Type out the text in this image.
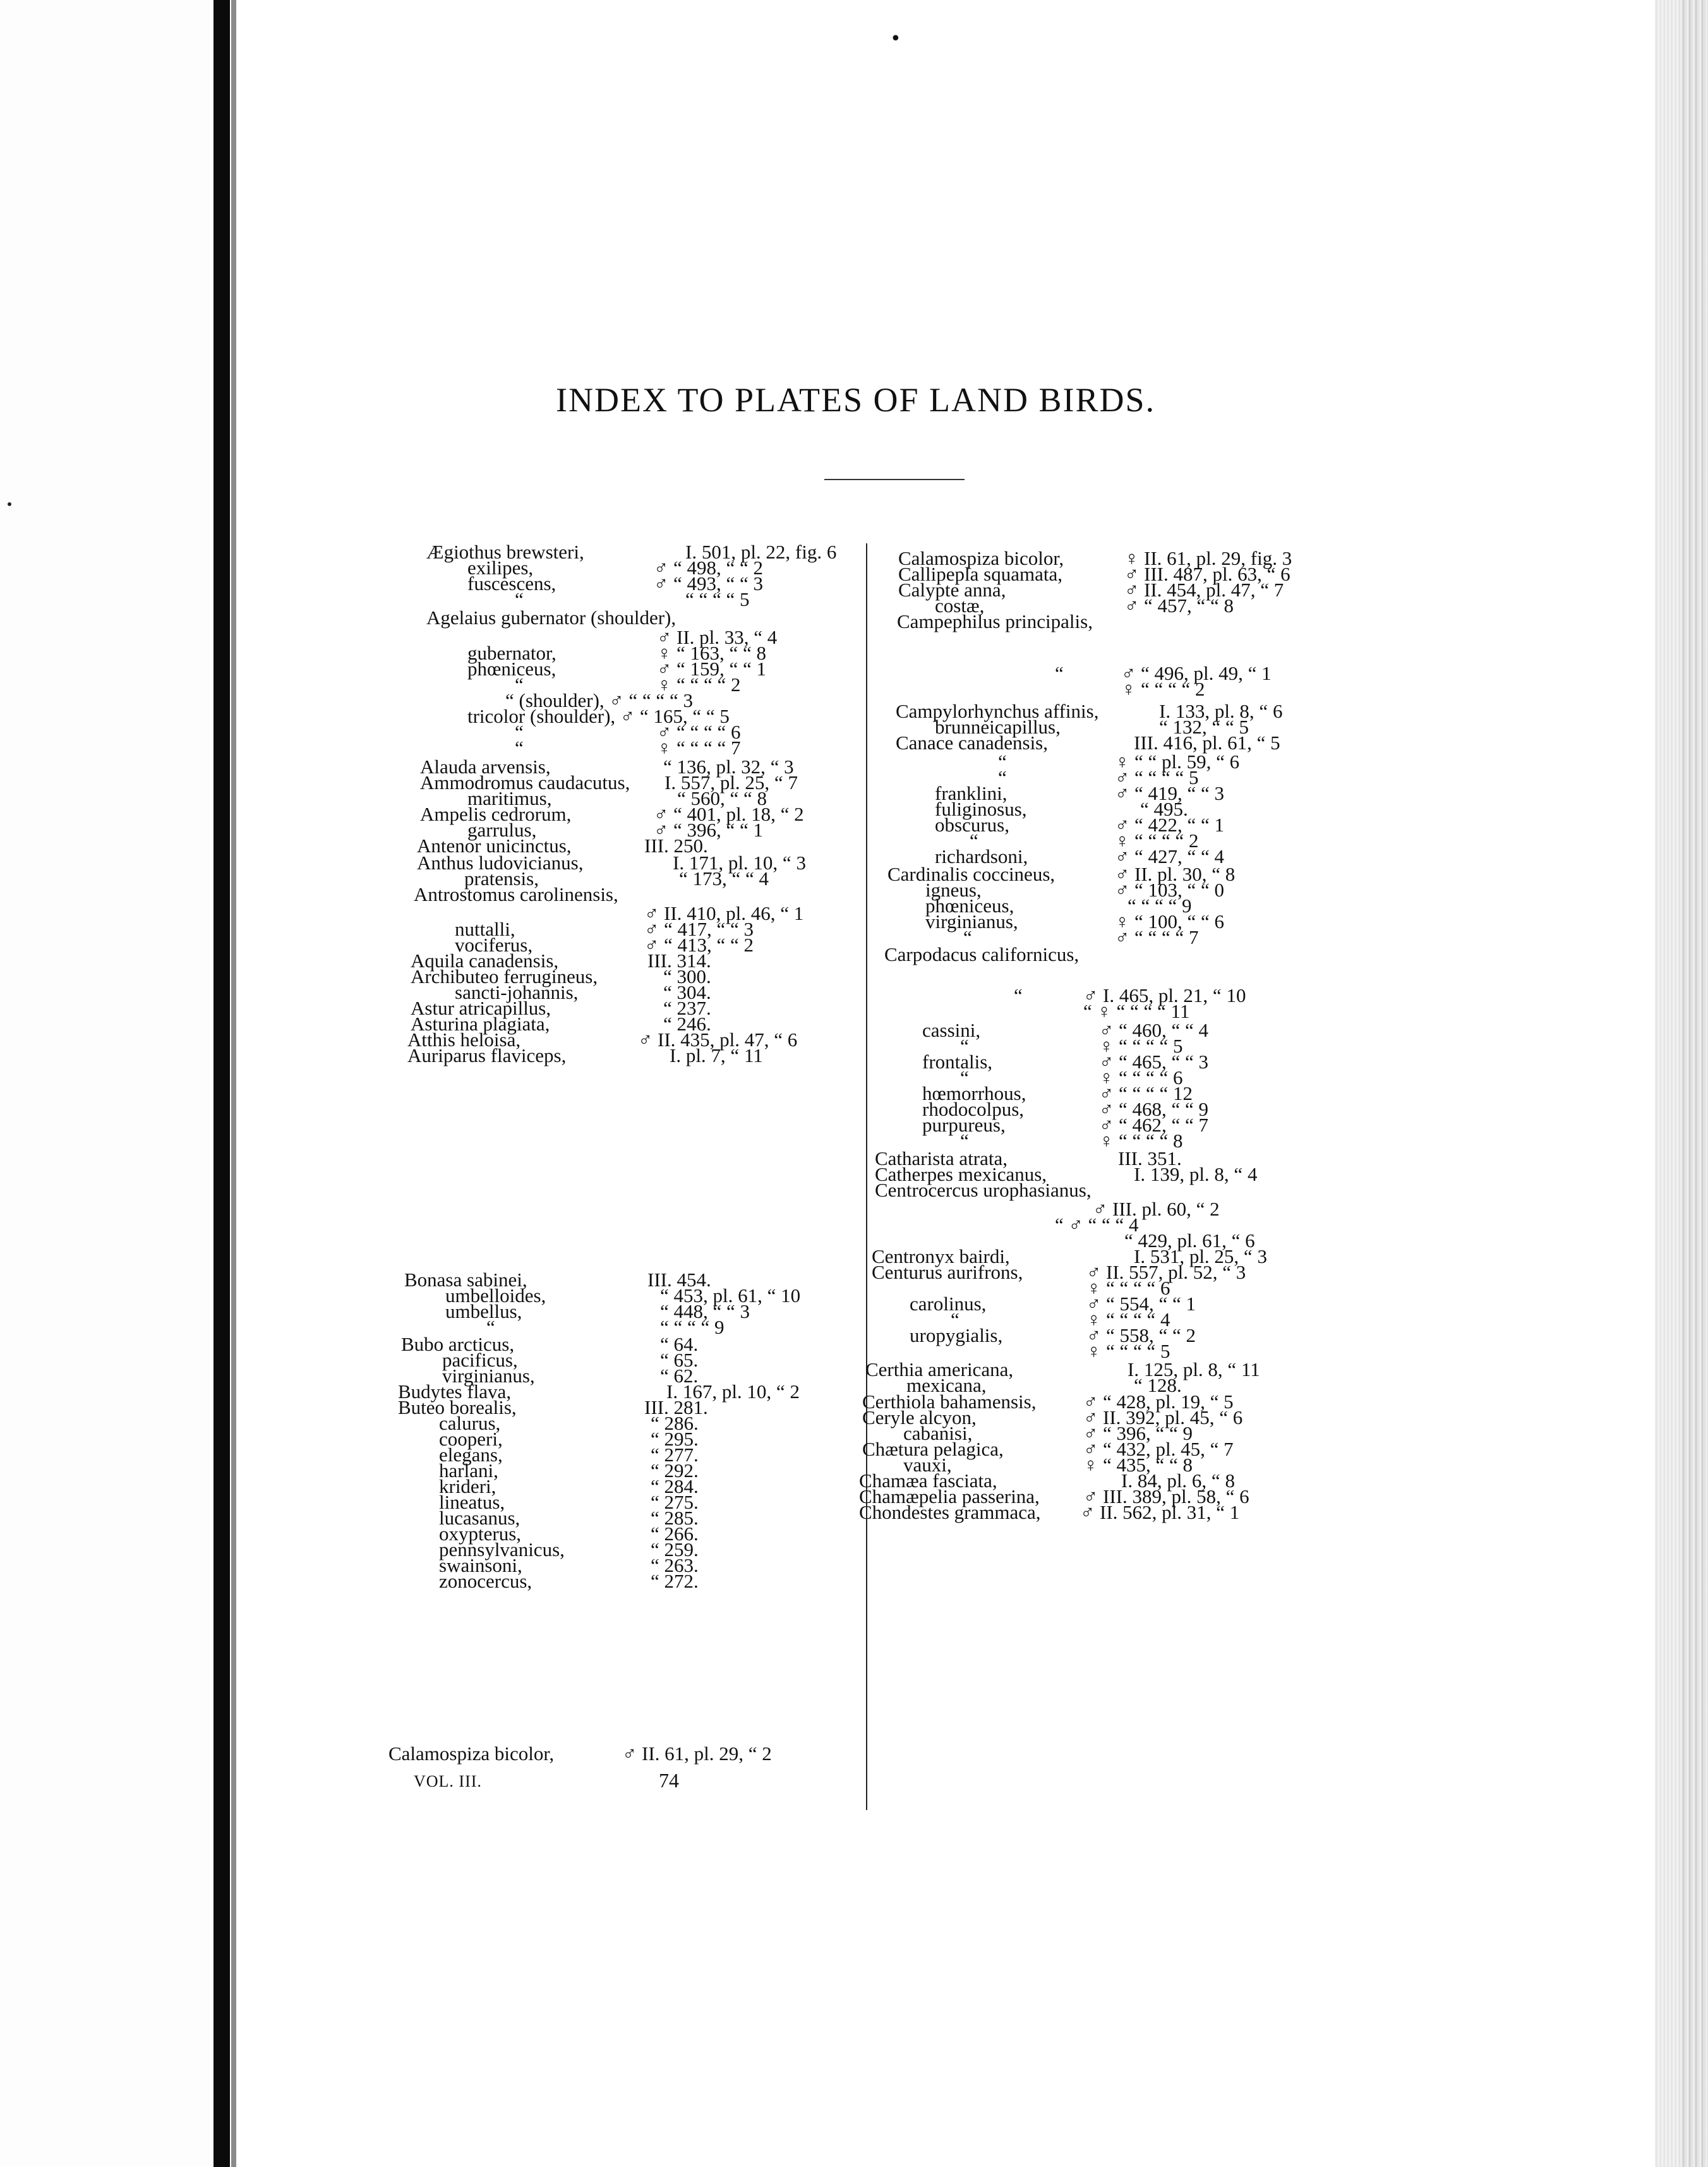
•
INDEX TO PLATES OF LAND BIRDS.
Ægiothus brewsteri,	I. 501, pl. 22, fig. 6
exilipes,	♂ “ 498, “ “ 2
fuscescens,	♂ “ 493, “ “ 3
“	“ “ “ “ 5
Agelaius gubernator (shoulder),
♂ II. pl. 33, “ 4
gubernator,	♀ “ 163, “ “ 8
phœniceus,	♂ “ 159, “ “ 1
“	♀ “ “ “ “ 2
“ (shoulder), ♂ “ “ “ “ 3
tricolor (shoulder), ♂ “ 165, “ “ 5
“	♂ “ “ “ “ 6
“	♀ “ “ “ “ 7
Alauda arvensis,	“ 136, pl. 32, “ 3
Ammodromus caudacutus, I. 557, pl. 25, “ 7
maritimus,	“ 560, “ “ 8
Ampelis cedrorum,	♂ “ 401, pl. 18, “ 2
garrulus,	♂ “ 396, “ “ 1
Antenor unicinctus,	III. 250.
Anthus ludovicianus,	I. 171, pl. 10, “ 3
pratensis,	“ 173, “ “ 4
Antrostomus carolinensis,
♂ II. 410, pl. 46, “ 1
nuttalli,	♂ “ 417, “ “ 3
vociferus,	♂ “ 413, “ “ 2
Aquila canadensis,	III. 314.
Archibuteo ferrugineus,	“ 300.
sancti-johannis,	“ 304.
Astur atricapillus,	“ 237.
Asturina plagiata,	“ 246.
Atthis heloisa,	♂ II. 435, pl. 47, “ 6
Auriparus flaviceps,	I. pl. 7, “ 11
Bonasa sabinei,	III. 454.
umbelloides,	“ 453, pl. 61, “ 10
umbellus,	“ 448, “ “ 3
“	“ “ “ “ 9
Bubo arcticus,	“ 64.
pacificus,	“ 65.
virginianus,	“ 62.
Budytes flava,	I. 167, pl. 10, “ 2
Buteo borealis,	III. 281.
calurus,	“ 286.
cooperi,	“ 295.
elegans,	“ 277.
harlani,	“ 292.
krideri,	“ 284.
lineatus,	“ 275.
lucasanus,	“ 285.
oxypterus,	“ 266.
pennsylvanicus,	“ 259.
swainsoni,	“ 263.
zonocercus,	“ 272.
Calamospiza bicolor,	♂ II. 61, pl. 29, “ 2
Calamospiza bicolor,	♀ II. 61, pl. 29, fig. 3
Callipepla squamata,	♂ III. 487, pl. 63, “ 6
Calypte anna,	♂ II. 454, pl. 47, “ 7
costæ,	♂ “ 457, “ “ 8
Campephilus principalis,
“	♂ “ 496, pl. 49, “ 1
♀ “ “ “ “ 2
Campylorhynchus affinis,	I. 133, pl. 8, “ 6
brunneicapillus,	“ 132, “ “ 5
Canace canadensis,	III. 416, pl. 61, “ 5
“	♀ “ “ pl. 59, “ 6
“	♂ “ “ “ “ 5
franklini,	♂ “ 419, “ “ 3
fuliginosus,	“ 495.
obscurus,	♂ “ 422, “ “ 1
“	♀ “ “ “ “ 2
richardsoni,	♂ “ 427, “ “ 4
Cardinalis coccineus,	♂ II. pl. 30, “ 8
igneus,	♂ “ 103, “ “ 0
phœniceus,	“ “ “ “ 9
virginianus,	♀ “ 100, “ “ 6
“	♂ “ “ “ “ 7
Carpodacus californicus,
“	♂ I. 465, pl. 21, “ 10
“ ♀ “ “ “ “ 11
cassini,	♂ “ 460, “ “ 4
“	♀ “ “ “ “ 5
frontalis,	♂ “ 465, “ “ 3
“	♀ “ “ “ “ 6
hœmorrhous,	♂ “ “ “ “ 12
rhodocolpus,	♂ “ 468, “ “ 9
purpureus,	♂ “ 462, “ “ 7
“	♀ “ “ “ “ 8
Catharista atrata,	III. 351.
Catherpes mexicanus,	I. 139, pl. 8, “ 4
Centrocercus urophasianus,
♂ III. pl. 60, “ 2
“ ♂ “ “ “ 4
“ 429, pl. 61, “ 6
Centronyx bairdi,	I. 531, pl. 25, “ 3
Centurus aurifrons,	♂ II. 557, pl. 52, “ 3
♀ “ “ “ “ 6
carolinus,	♂ “ 554, “ “ 1
“	♀ “ “ “ “ 4
uropygialis,	♂ “ 558, “ “ 2
♀ “ “ “ “ 5
Certhia americana,	I. 125, pl. 8, “ 11
mexicana,	“ 128.
Certhiola bahamensis, ♂ “ 428, pl. 19, “ 5
Ceryle alcyon,	♂ II. 392, pl. 45, “ 6
cabanisi,	♂ “ 396, “ “ 9
Chætura pelagica,	♂ “ 432, pl. 45, “ 7
vauxi,	♀ “ 435, “ “ 8
Chamæa fasciata,	I. 84, pl. 6, “ 8
Chamæpelia passerina, ♂ III. 389, pl. 58, “ 6
Chondestes grammaca, ♂ II. 562, pl. 31, “ 1
VOL. III.	74
